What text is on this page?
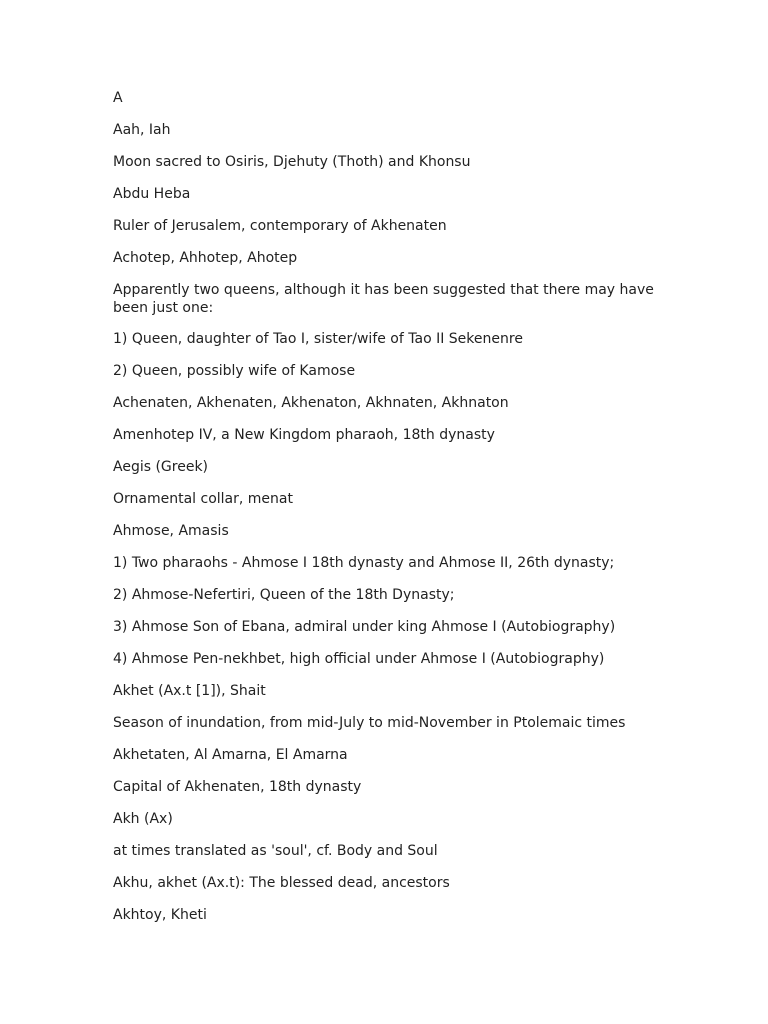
A
Aah, Iah
Moon sacred to Osiris, Djehuty (Thoth) and Khonsu
Abdu Heba
Ruler of Jerusalem, contemporary of Akhenaten
Achotep, Ahhotep, Ahotep
Apparently two queens, although it has been suggested that there may have been just one:
1) Queen, daughter of Tao I, sister/wife of Tao II Sekenenre
2) Queen, possibly wife of Kamose
Achenaten, Akhenaten, Akhenaton, Akhnaten, Akhnaton
Amenhotep IV, a New Kingdom pharaoh, 18th dynasty
Aegis (Greek)
Ornamental collar, menat
Ahmose, Amasis
1) Two pharaohs - Ahmose I 18th dynasty and Ahmose II, 26th dynasty;
2) Ahmose-Nefertiri, Queen of the 18th Dynasty;
3) Ahmose Son of Ebana, admiral under king Ahmose I (Autobiography)
4) Ahmose Pen-nekhbet, high official under Ahmose I (Autobiography)
Akhet (Ax.t [1]), Shait
Season of inundation, from mid-July to mid-November in Ptolemaic times
Akhetaten, Al Amarna, El Amarna
Capital of Akhenaten, 18th dynasty
Akh (Ax)
at times translated as 'soul', cf. Body and Soul
Akhu, akhet (Ax.t): The blessed dead, ancestors
Akhtoy, Kheti
